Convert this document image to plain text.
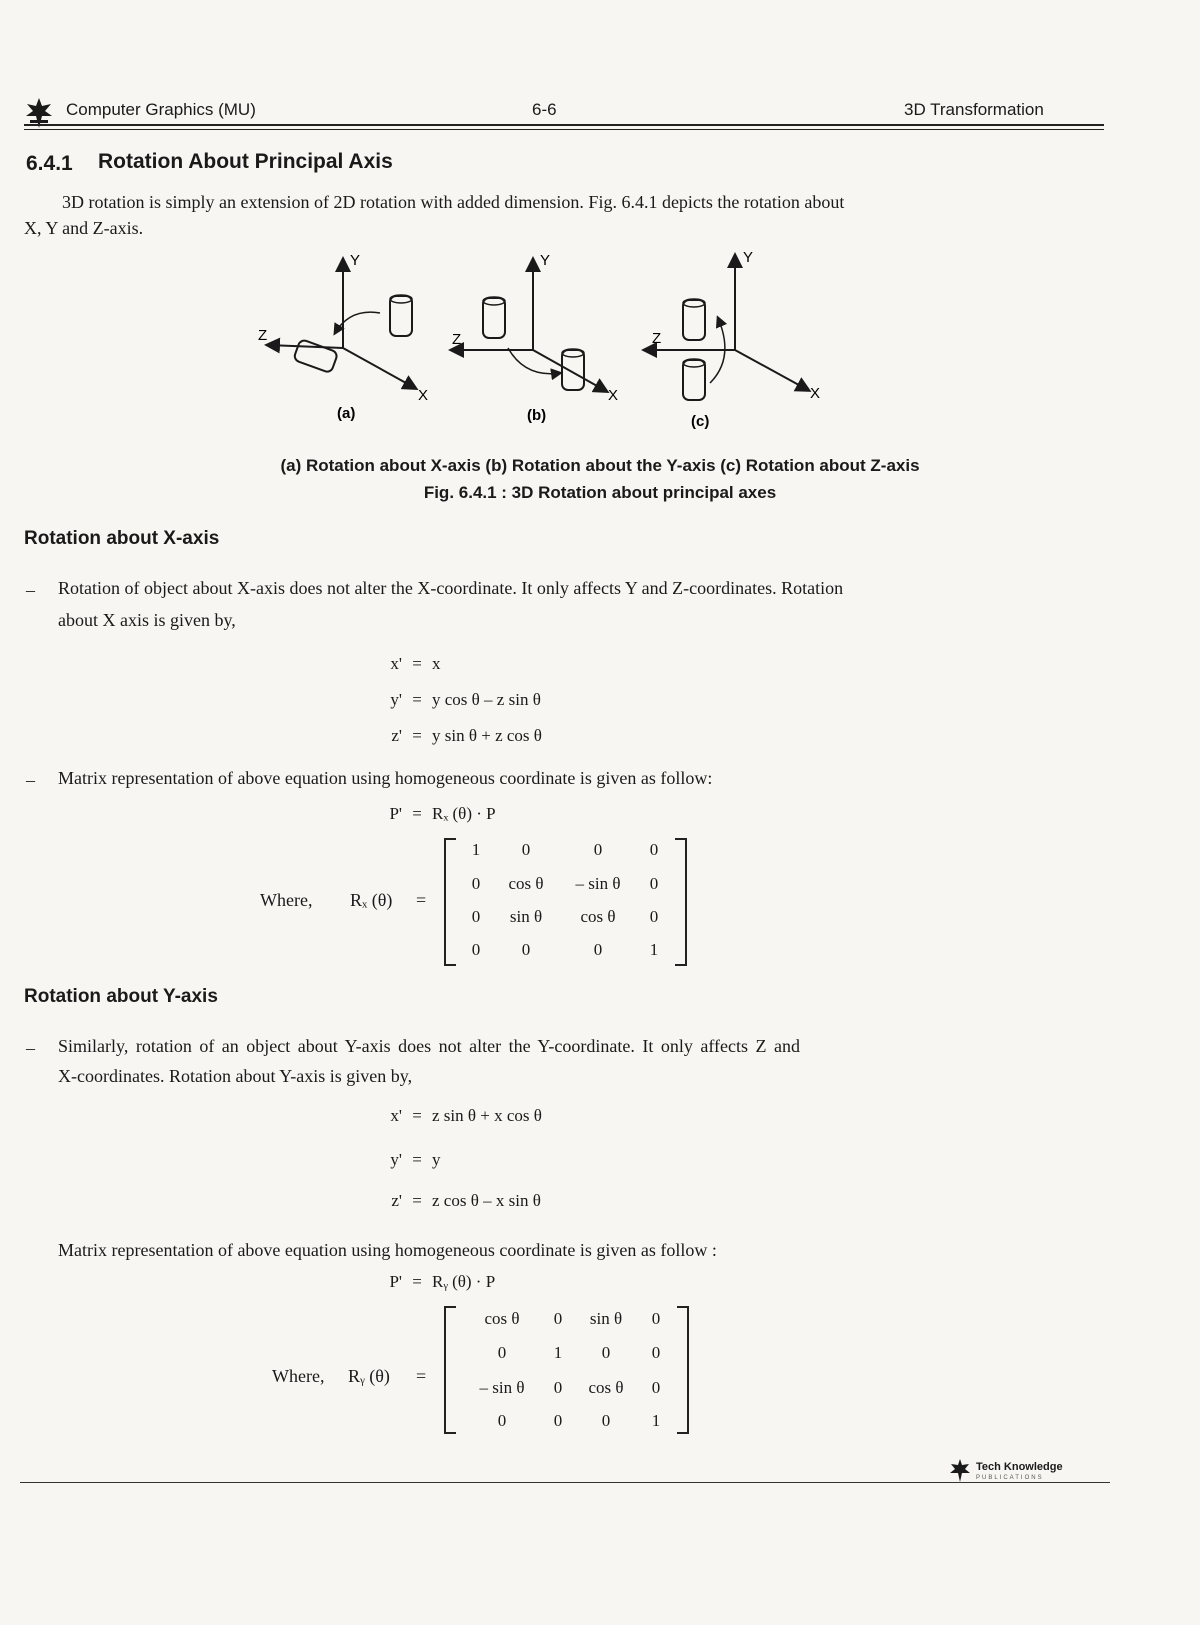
Computer Graphics (MU)	6-6	3D Transformation
6.4.1 Rotation About Principal Axis
3D rotation is simply an extension of 2D rotation with added dimension. Fig. 6.4.1 depicts the rotation about
X, Y and Z-axis.
Y
Z
X
(a)
Y
Z
X
(b)
Y
Z
X
(c)
(a) Rotation about X-axis (b) Rotation about the Y-axis (c) Rotation about Z-axis
Fig. 6.4.1 : 3D Rotation about principal axes
Rotation about X-axis
– Rotation of object about X-axis does not alter the X-coordinate. It only affects Y and Z-coordinates. Rotation
about X axis is given by,
x' = x
y' = y cos θ – z sin θ
z' = y sin θ + z cos θ
– Matrix representation of above equation using homogeneous coordinate is given as follow:
P' = Rₓ (θ) · P
Where, Rₓ (θ) =
1	0	0	0
0	cos θ	– sin θ	0
0	sin θ	cos θ	0
0	0	0	1
Rotation about Y-axis
– Similarly, rotation of an object about Y-axis does not alter the Y-coordinate. It only affects Z and
X-coordinates. Rotation about Y-axis is given by,
x' = z sin θ + x cos θ
y' = y
z' = z cos θ – x sin θ
Matrix representation of above equation using homogeneous coordinate is given as follow :
P' = Rᵧ (θ) · P
Where, Rᵧ (θ) =
cos θ	0	sin θ	0
0	1	0	0
– sin θ	0	cos θ	0
0	0	0	1
Tech Knowledge
PUBLICATIONS
